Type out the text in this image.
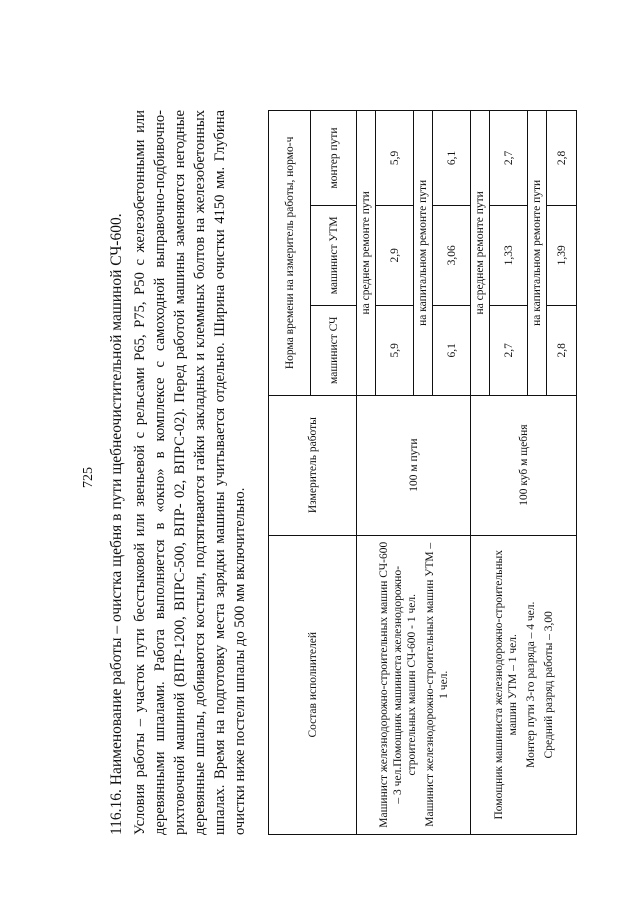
725 116.16. Наименование работы – очистка щебня в пути щебнеочистительной машиной СЧ-600. Условия работы – участок пути бесстыковой или звеньевой с рельсами Р65, Р75, Р50 с железобетонными или деревянными шпалами. Работа выполняется в «окно» в комплексе с самоходной выправочно-подбивочно-рихтовочной машиной (ВПР-1200, ВПРС-500, ВПР- 02, ВПРС-02). Перед работой машины заменяются негодные деревянные шпалы, добиваются костыли, подтягиваются гайки закладных и клеммных болтов на железобетонных шпалах. Время на подготовку места зарядки машины учитывается отдельно. Ширина очистки 4150 мм. Глубина очистки ниже постели шпалы до 500 мм включительно.	Состав исполнителей	Измеритель работы	Норма времени на измеритель работы, нормо-ч		
		машинист СЧ	машинист УТМ	монтер пути

Машинист железнодорожно-строительных машин СЧ-600 – 3 чел.Помощник машиниста железнодорожно-строительных машин СЧ-600 - 1 чел. Машинист железнодорожно-строительных машин УТМ – 1 чел.	100 м пути	на среднем ремонте пути		
		5,9	2,9	5,9
		на капитальном ремонте пути		
		6,1	3,06	6,1

Помощник машиниста железнодорожно-строительных машин УТМ – 1 чел. Монтер пути 3-го разряда – 4 чел. Средний разряд работы – 3,00	100 куб м щебня	на среднем ремонте пути		
		2,7	1,33	2,7
		на капитальном ремонте пути		
		2,8	1,39	2,8
